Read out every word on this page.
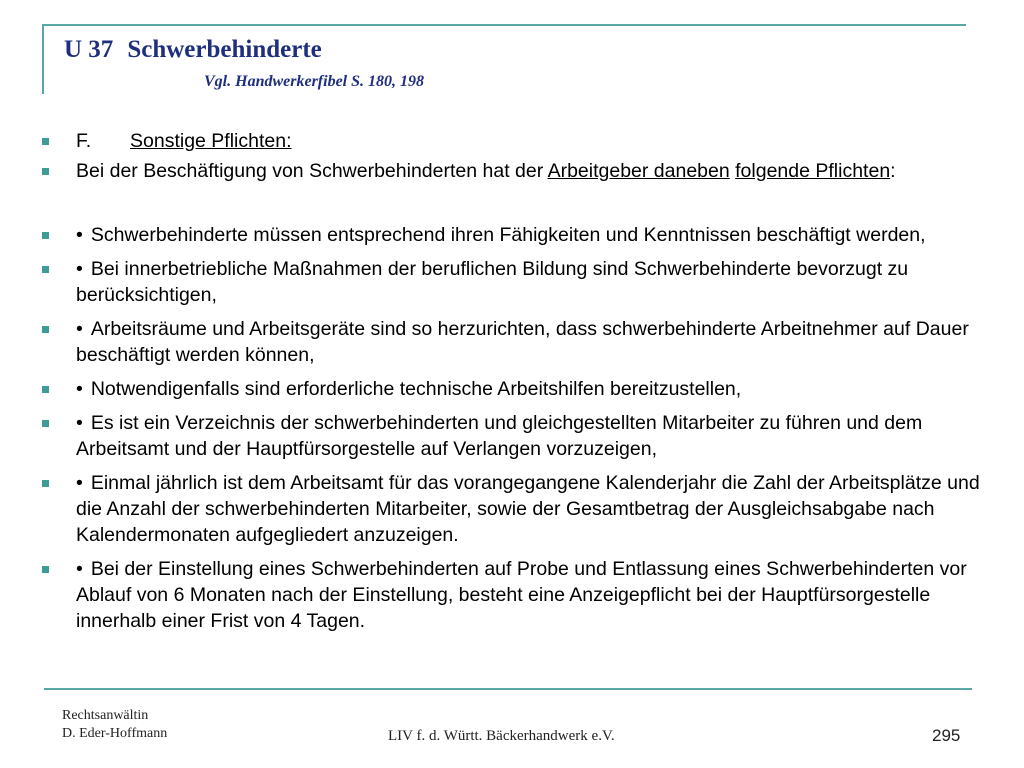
U 37 Schwerbehinderte
Vgl. Handwerkerfibel S. 180, 198
F. Sonstige Pflichten:
Bei der Beschäftigung von Schwerbehinderten hat der Arbeitgeber daneben folgende Pflichten:
• Schwerbehinderte müssen entsprechend ihren Fähigkeiten und Kenntnissen beschäftigt werden,
• Bei innerbetriebliche Maßnahmen der beruflichen Bildung sind Schwerbehinderte bevorzugt zu berücksichtigen,
• Arbeitsräume und Arbeitsgeräte sind so herzurichten, dass schwerbehinderte Arbeitnehmer auf Dauer beschäftigt werden können,
• Notwendigenfalls sind erforderliche technische Arbeitshilfen bereitzustellen,
• Es ist ein Verzeichnis der schwerbehinderten und gleichgestellten Mitarbeiter zu führen und dem Arbeitsamt und der Hauptfürsorgestelle auf Verlangen vorzuzeigen,
• Einmal jährlich ist dem Arbeitsamt für das vorangegangene Kalenderjahr die Zahl der Arbeitsplätze und die Anzahl der schwerbehinderten Mitarbeiter, sowie der Gesamtbetrag der Ausgleichsabgabe nach Kalendermonaten aufgegliedert anzuzeigen.
• Bei der Einstellung eines Schwerbehinderten auf Probe und Entlassung eines Schwerbehinderten vor Ablauf von 6 Monaten nach der Einstellung, besteht eine Anzeigepflicht bei der Hauptfürsorgestelle innerhalb einer Frist von 4 Tagen.
Rechtsanwältin
D. Eder-Hoffmann	LIV f. d. Württ. Bäckerhandwerk e.V.	295
